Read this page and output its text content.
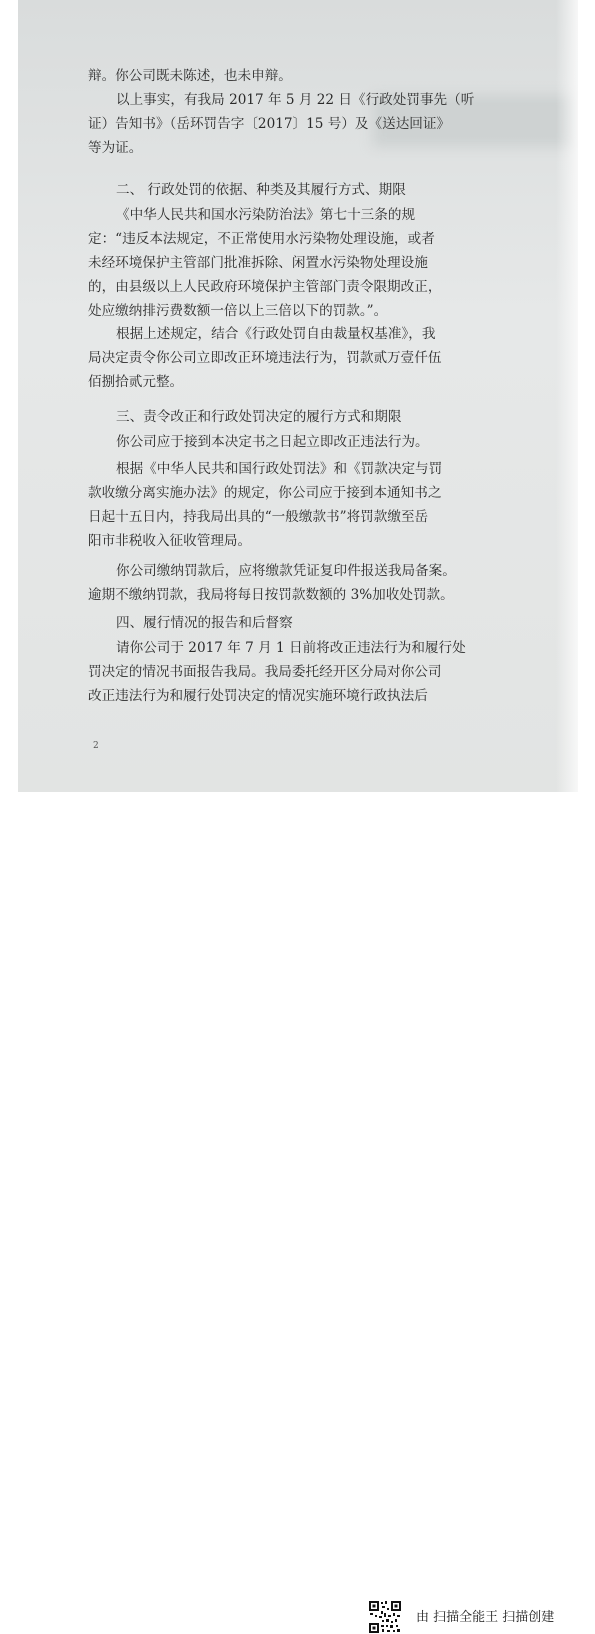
辩。你公司既未陈述，也未申辩。

以上事实，有我局 2017 年 5 月 22 日《行政处罚事先（听
证）告知书》（岳环罚告字〔2017〕15 号）及《送达回证》
等为证。

二、 行政处罚的依据、种类及其履行方式、期限

《中华人民共和国水污染防治法》第七十三条的规
定：“违反本法规定，不正常使用水污染物处理设施，或者
未经环境保护主管部门批准拆除、闲置水污染物处理设施
的，由县级以上人民政府环境保护主管部门责令限期改正，
处应缴纳排污费数额一倍以上三倍以下的罚款。”。

根据上述规定，结合《行政处罚自由裁量权基准》，我
局决定责令你公司立即改正环境违法行为，罚款贰万壹仟伍
佰捌拾贰元整。

三、责令改正和行政处罚决定的履行方式和期限

你公司应于接到本决定书之日起立即改正违法行为。

根据《中华人民共和国行政处罚法》和《罚款决定与罚
款收缴分离实施办法》的规定，你公司应于接到本通知书之
日起十五日内，持我局出具的“一般缴款书”将罚款缴至岳
阳市非税收入征收管理局。

你公司缴纳罚款后，应将缴款凭证复印件报送我局备案。
逾期不缴纳罚款，我局将每日按罚款数额的 3%加收处罚款。

四、履行情况的报告和后督察

请你公司于 2017 年 7 月 1 日前将改正违法行为和履行处
罚决定的情况书面报告我局。我局委托经开区分局对你公司
改正违法行为和履行处罚决定的情况实施环境行政执法后

2
由 扫描全能王 扫描创建
